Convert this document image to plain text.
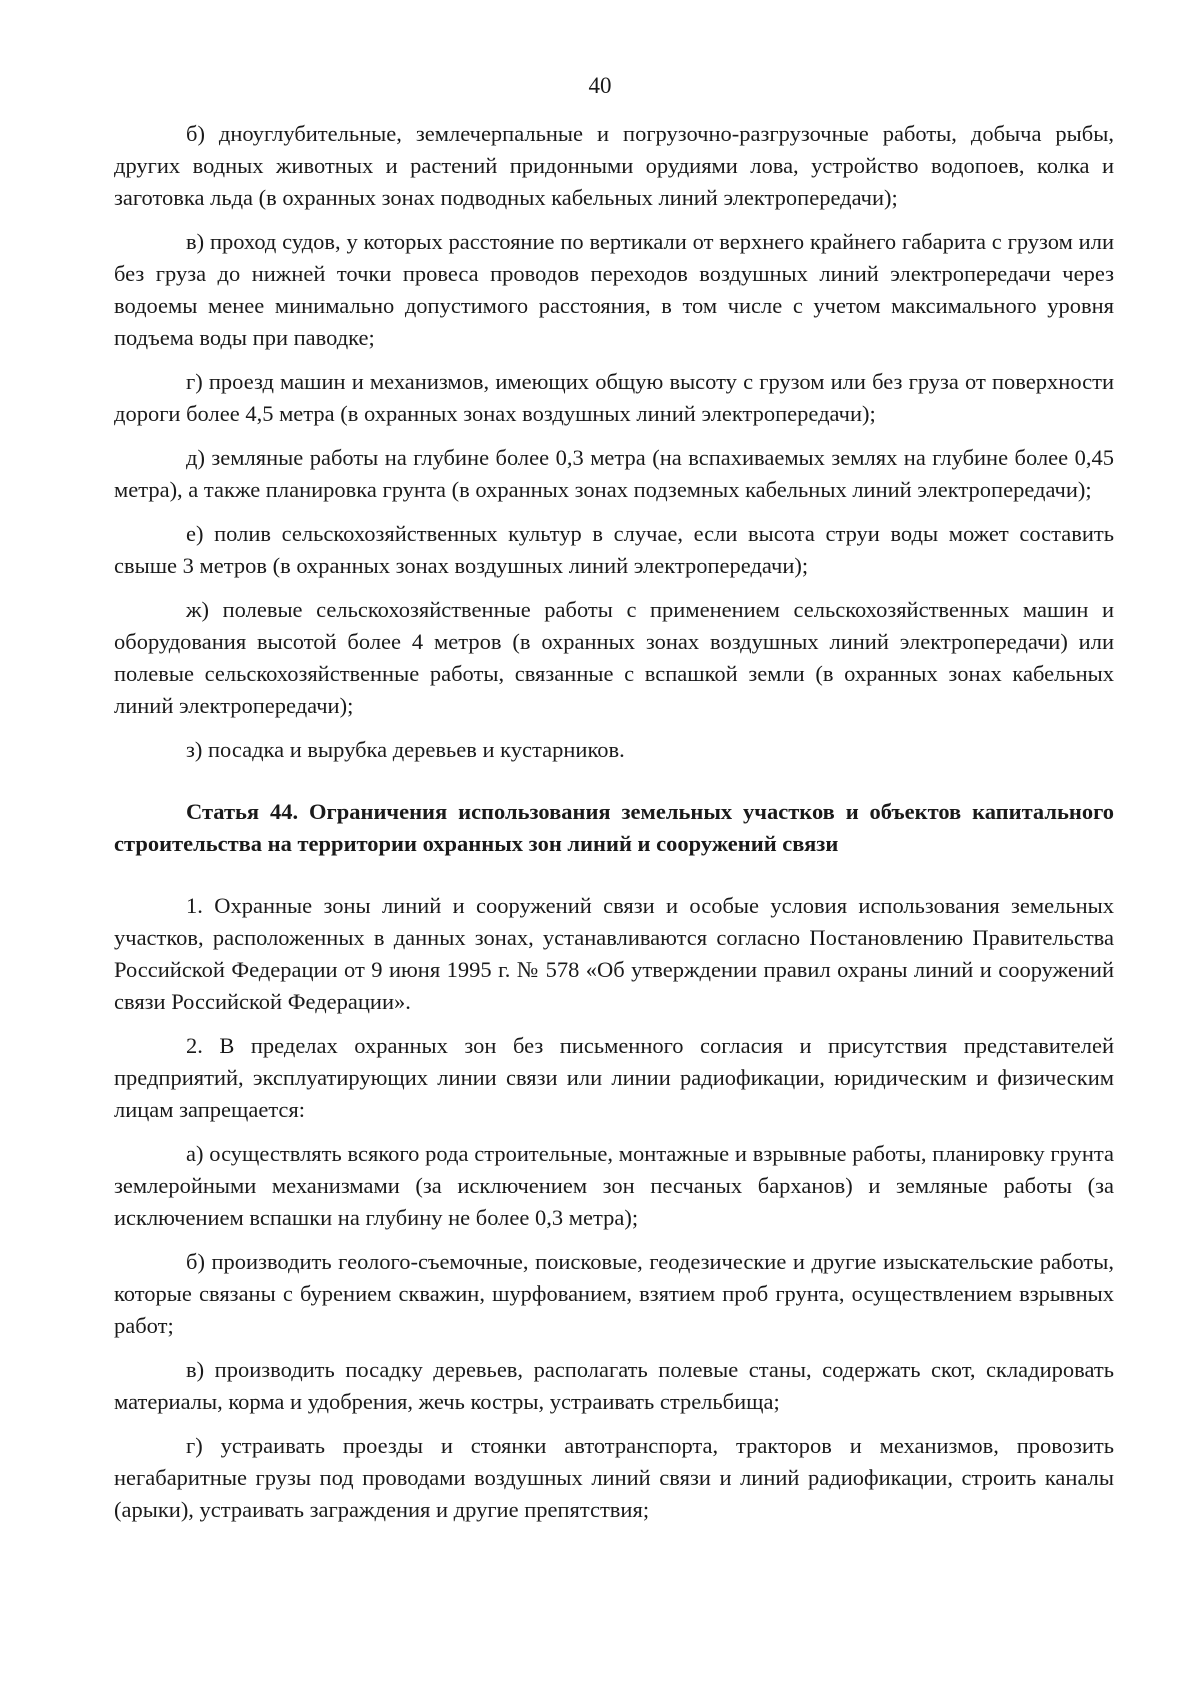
40

б) дноуглубительные, землечерпальные и погрузочно-разгрузочные работы, добыча рыбы, других водных животных и растений придонными орудиями лова, устройство водопоев, колка и заготовка льда (в охранных зонах подводных кабельных линий электропередачи);

в) проход судов, у которых расстояние по вертикали от верхнего крайнего габарита с грузом или без груза до нижней точки провеса проводов переходов воздушных линий электропередачи через водоемы менее минимально допустимого расстояния, в том числе с учетом максимального уровня подъема воды при паводке;

г) проезд машин и механизмов, имеющих общую высоту с грузом или без груза от поверхности дороги более 4,5 метра (в охранных зонах воздушных линий электропередачи);

д) земляные работы на глубине более 0,3 метра (на вспахиваемых землях на глубине более 0,45 метра), а также планировка грунта (в охранных зонах подземных кабельных линий электропередачи);

е) полив сельскохозяйственных культур в случае, если высота струи воды может составить свыше 3 метров (в охранных зонах воздушных линий электропередачи);

ж) полевые сельскохозяйственные работы с применением сельскохозяйственных машин и оборудования высотой более 4 метров (в охранных зонах воздушных линий электропередачи) или полевые сельскохозяйственные работы, связанные с вспашкой земли (в охранных зонах кабельных линий электропередачи);

з) посадка и вырубка деревьев и кустарников.

Статья 44. Ограничения использования земельных участков и объектов капитального строительства на территории охранных зон линий и сооружений связи

1. Охранные зоны линий и сооружений связи и особые условия использования земельных участков, расположенных в данных зонах, устанавливаются согласно Постановлению Правительства Российской Федерации от 9 июня 1995 г. № 578 «Об утверждении правил охраны линий и сооружений связи Российской Федерации».

2. В пределах охранных зон без письменного согласия и присутствия представителей предприятий, эксплуатирующих линии связи или линии радиофикации, юридическим и физическим лицам запрещается:

а) осуществлять всякого рода строительные, монтажные и взрывные работы, планировку грунта землеройными механизмами (за исключением зон песчаных барханов) и земляные работы (за исключением вспашки на глубину не более 0,3 метра);

б) производить геолого-съемочные, поисковые, геодезические и другие изыскательские работы, которые связаны с бурением скважин, шурфованием, взятием проб грунта, осуществлением взрывных работ;

в) производить посадку деревьев, располагать полевые станы, содержать скот, складировать материалы, корма и удобрения, жечь костры, устраивать стрельбища;

г) устраивать проезды и стоянки автотранспорта, тракторов и механизмов, провозить негабаритные грузы под проводами воздушных линий связи и линий радиофикации, строить каналы (арыки), устраивать заграждения и другие препятствия;
